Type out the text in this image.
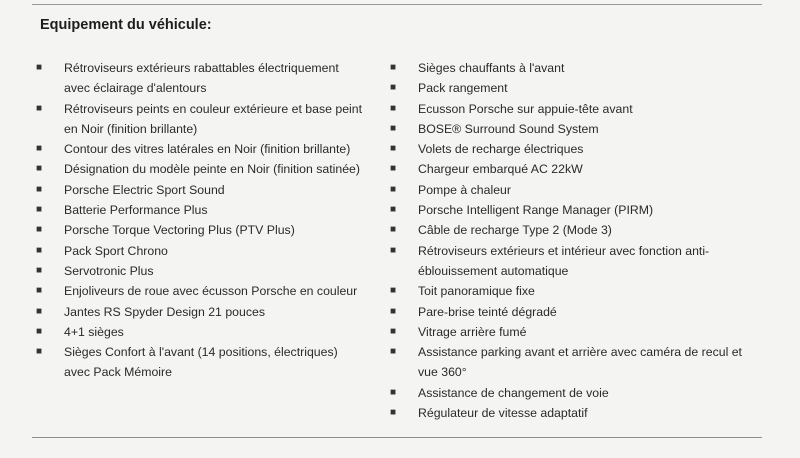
Equipement du véhicule:
■	Rétroviseurs extérieurs rabattables électriquement avec éclairage d'alentours
■	Rétroviseurs peints en couleur extérieure et base peint en Noir (finition brillante)
■	Contour des vitres latérales en Noir (finition brillante)
■	Désignation du modèle peinte en Noir (finition satinée)
■	Porsche Electric Sport Sound
■	Batterie Performance Plus
■	Porsche Torque Vectoring Plus (PTV Plus)
■	Pack Sport Chrono
■	Servotronic Plus
■	Enjoliveurs de roue avec écusson Porsche en couleur
■	Jantes RS Spyder Design 21 pouces
■	4+1 sièges
■	Sièges Confort à l'avant (14 positions, électriques) avec Pack Mémoire
■	Sièges chauffants à l'avant
■	Pack rangement
■	Ecusson Porsche sur appuie-tête avant
■	BOSE® Surround Sound System
■	Volets de recharge électriques
■	Chargeur embarqué AC 22kW
■	Pompe à chaleur
■	Porsche Intelligent Range Manager (PIRM)
■	Câble de recharge Type 2 (Mode 3)
■	Rétroviseurs extérieurs et intérieur avec fonction anti-éblouissement automatique
■	Toit panoramique fixe
■	Pare-brise teinté dégradé
■	Vitrage arrière fumé
■	Assistance parking avant et arrière avec caméra de recul et vue 360°
■	Assistance de changement de voie
■	Régulateur de vitesse adaptatif
